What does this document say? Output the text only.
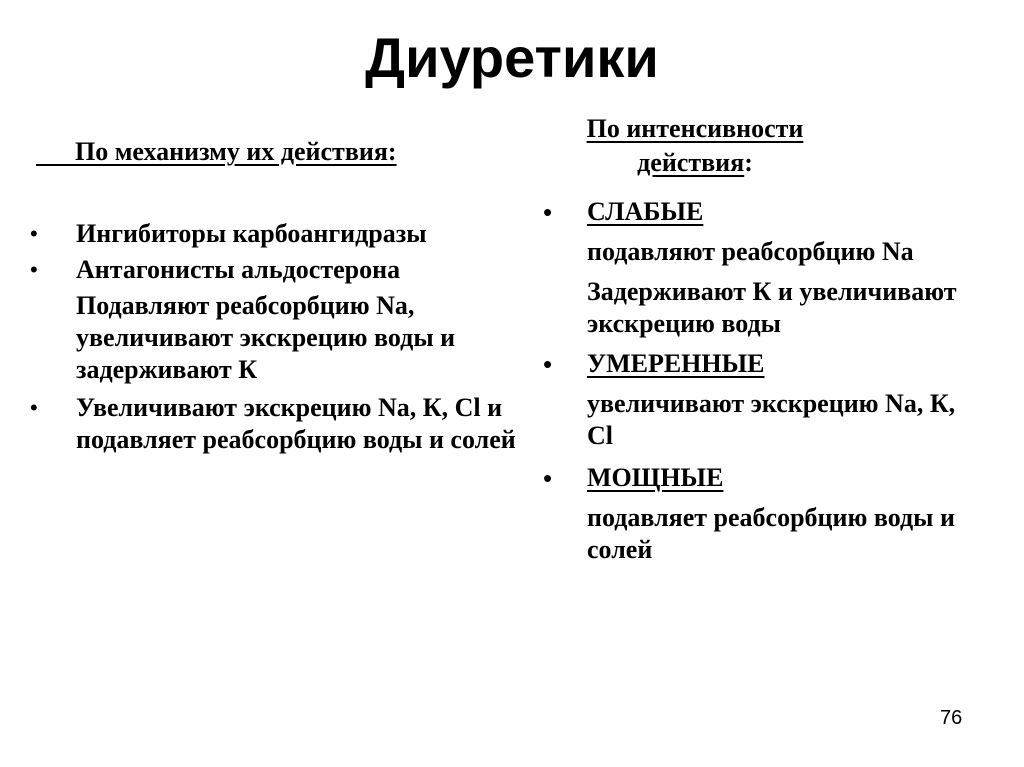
Диуретики
По механизму их действия:
• Ингибиторы карбоангидразы
• Антагонисты альдостерона
Подавляют реабсорбцию Na, увеличивают экскрецию воды и задерживают К
• Увеличивают экскрецию Na, К, Cl и подавляет реабсорбцию воды и солей
По интенсивности
действия:
• СЛАБЫЕ
подавляют реабсорбцию Na
Задерживают К и увеличивают экскрецию воды
• УМЕРЕННЫЕ
увеличивают экскрецию Na, К, Cl
• МОЩНЫЕ
подавляет реабсорбцию воды и солей
76
